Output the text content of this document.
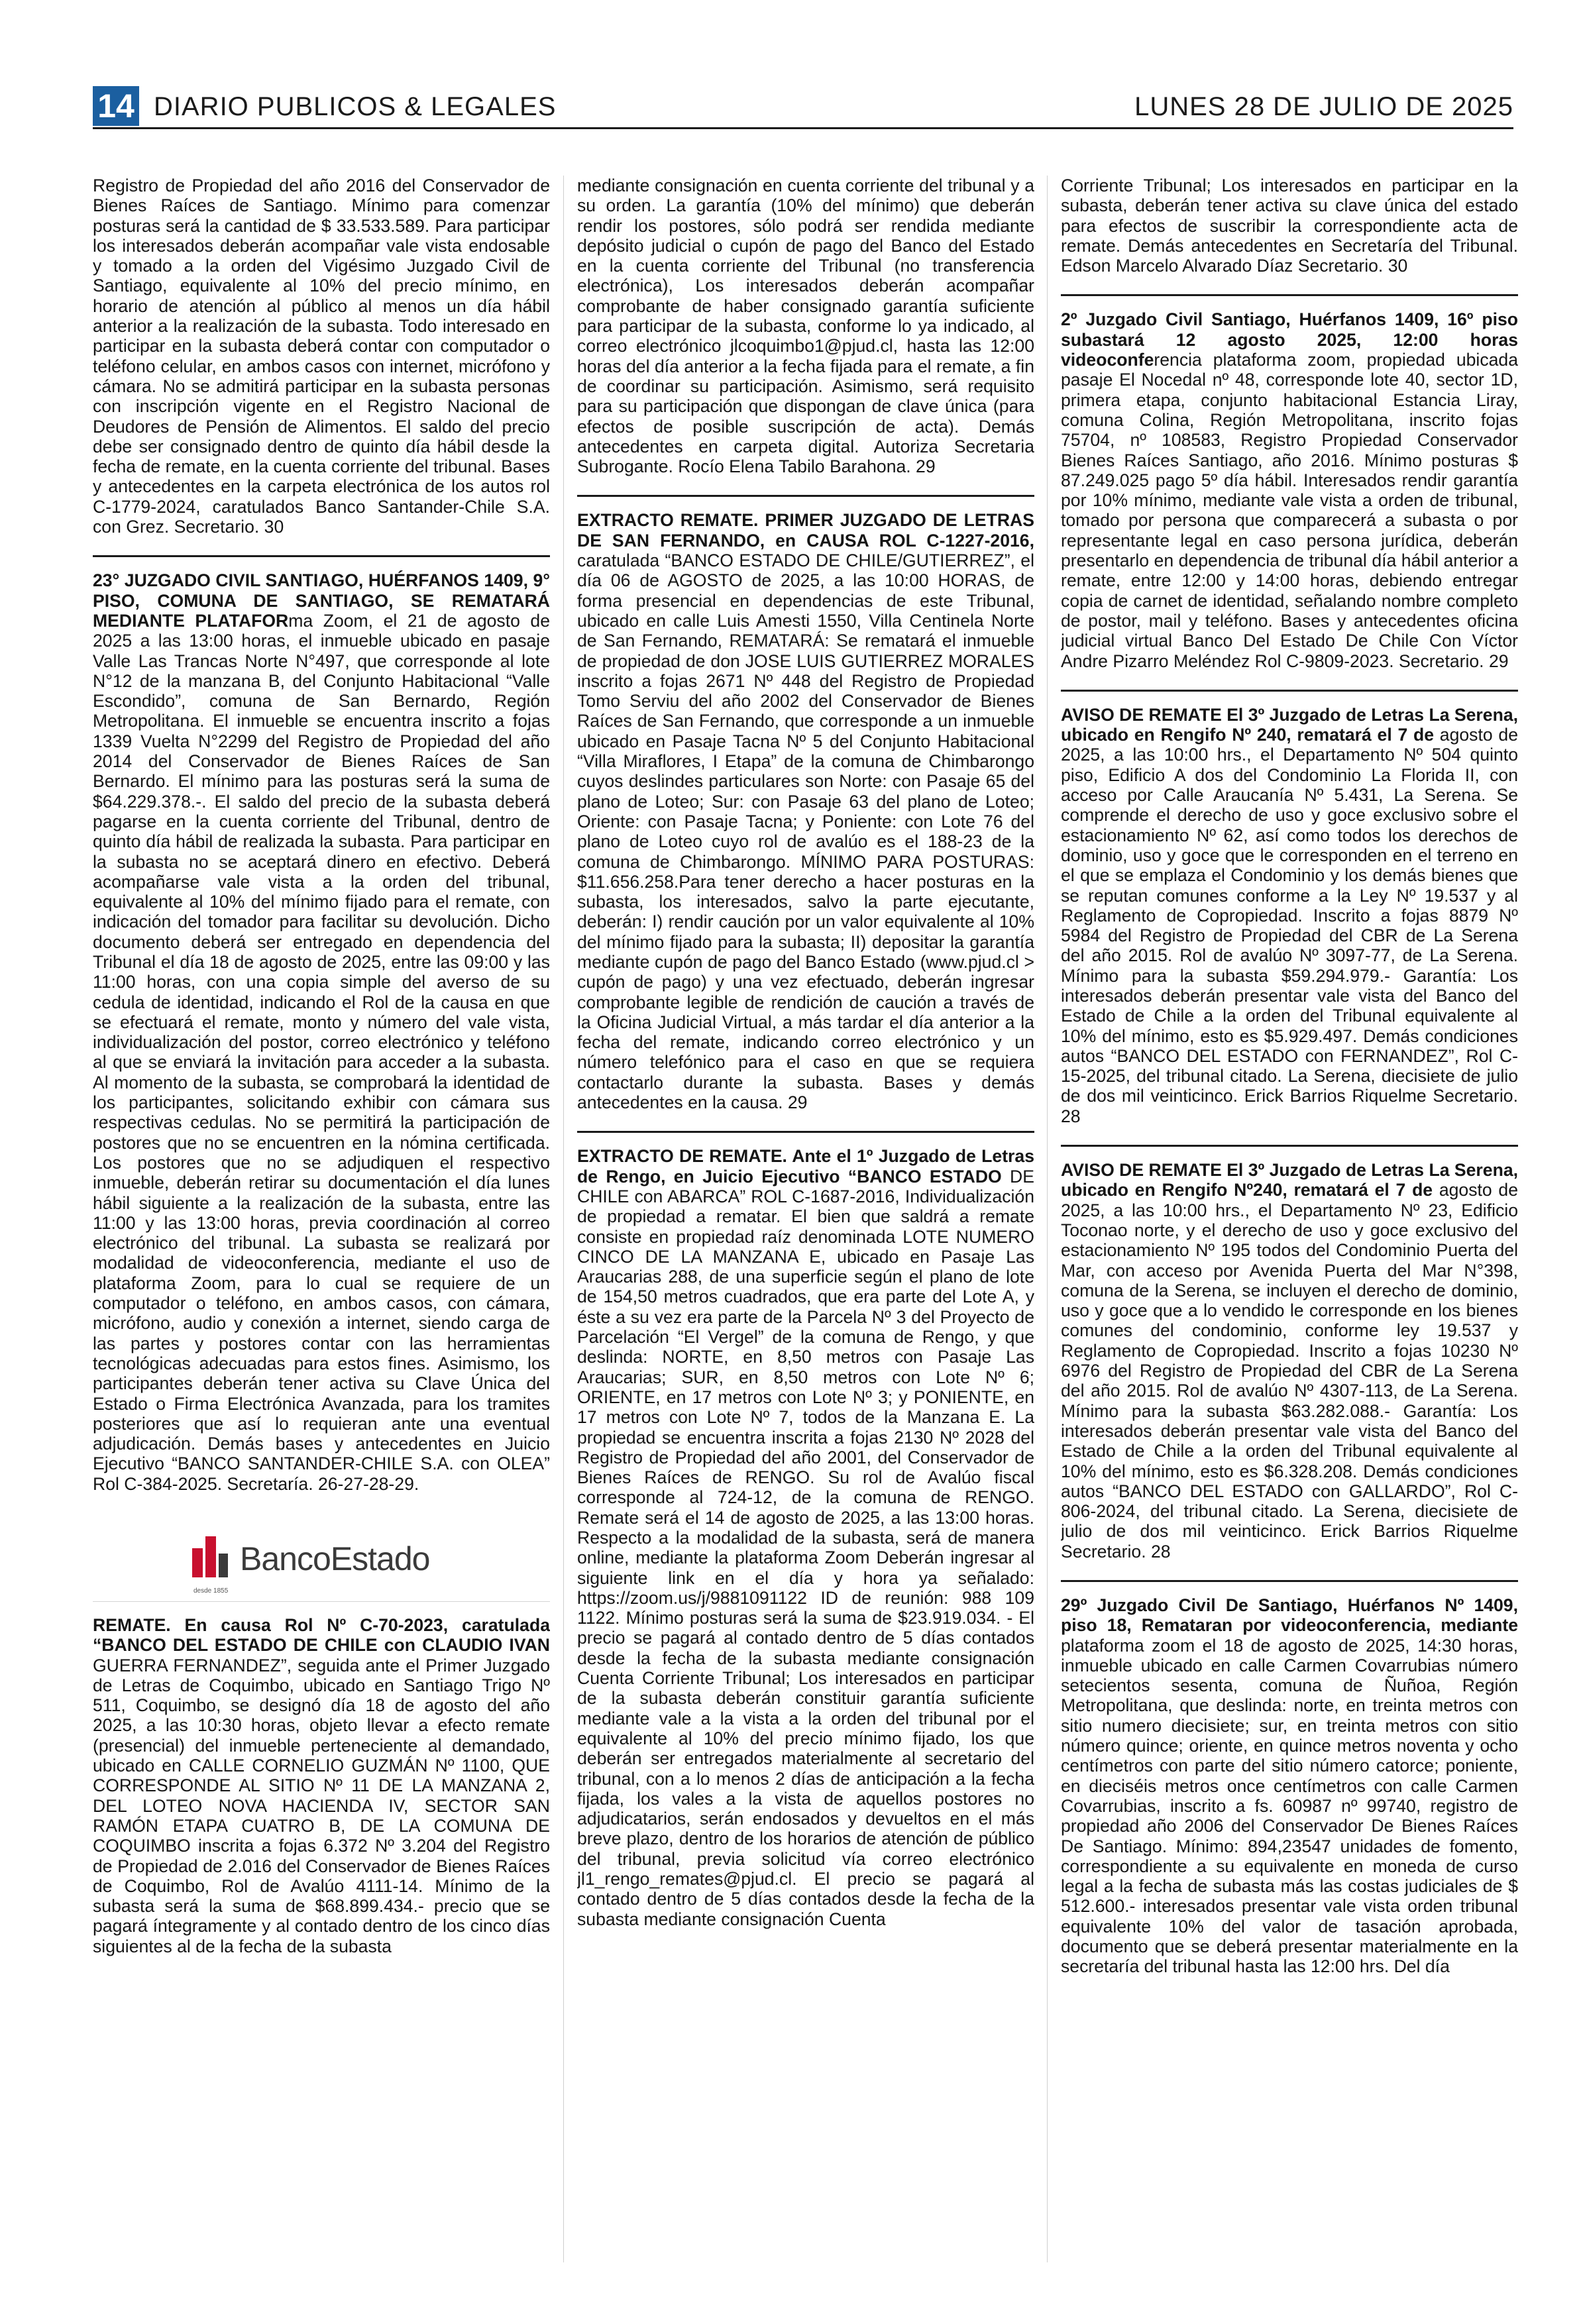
14 DIARIO PUBLICOS & LEGALES	LUNES 28 DE JULIO DE 2025

Registro de Propiedad del año 2016 del Conservador de Bienes Raíces de Santiago. Mínimo para comenzar posturas será la cantidad de $ 33.533.589. Para participar los interesados deberán acompañar vale vista endosable y tomado a la orden del Vigésimo Juzgado Civil de Santiago, equivalente al 10% del precio mínimo, en horario de atención al público al menos un día hábil anterior a la realización de la subasta. Todo interesado en participar en la subasta deberá contar con computador o teléfono celular, en ambos casos con internet, micrófono y cámara. No se admitirá participar en la subasta personas con inscripción vigente en el Registro Nacional de Deudores de Pensión de Alimentos. El saldo del precio debe ser consignado dentro de quinto día hábil desde la fecha de remate, en la cuenta corriente del tribunal. Bases y antecedentes en la carpeta electrónica de los autos rol C-1779-2024, caratulados Banco Santander-Chile S.A. con Grez. Secretario. 30

23° JUZGADO CIVIL SANTIAGO, HUÉRFANOS 1409, 9° PISO, COMUNA DE SANTIAGO, SE REMATARÁ MEDIANTE PLATAFORma Zoom, el 21 de agosto de 2025 a las 13:00 horas, el inmueble ubicado en pasaje Valle Las Trancas Norte N°497, que corresponde al lote N°12 de la manzana B, del Conjunto Habitacional “Valle Escondido”, comuna de San Bernardo, Región Metropolitana. El inmueble se encuentra inscrito a fojas 1339 Vuelta N°2299 del Registro de Propiedad del año 2014 del Conservador de Bienes Raíces de San Bernardo. El mínimo para las posturas será la suma de $64.229.378.-. El saldo del precio de la subasta deberá pagarse en la cuenta corriente del Tribunal, dentro de quinto día hábil de realizada la subasta. Para participar en la subasta no se aceptará dinero en efectivo. Deberá acompañarse vale vista a la orden del tribunal, equivalente al 10% del mínimo fijado para el remate, con indicación del tomador para facilitar su devolución. Dicho documento deberá ser entregado en dependencia del Tribunal el día 18 de agosto de 2025, entre las 09:00 y las 11:00 horas, con una copia simple del averso de su cedula de identidad, indicando el Rol de la causa en que se efectuará el remate, monto y número del vale vista, individualización del postor, correo electrónico y teléfono al que se enviará la invitación para acceder a la subasta. Al momento de la subasta, se comprobará la identidad de los participantes, solicitando exhibir con cámara sus respectivas cedulas. No se permitirá la participación de postores que no se encuentren en la nómina certificada. Los postores que no se adjudiquen el respectivo inmueble, deberán retirar su documentación el día lunes hábil siguiente a la realización de la subasta, entre las 11:00 y las 13:00 horas, previa coordinación al correo electrónico del tribunal. La subasta se realizará por modalidad de videoconferencia, mediante el uso de plataforma Zoom, para lo cual se requiere de un computador o teléfono, en ambos casos, con cámara, micrófono, audio y conexión a internet, siendo carga de las partes y postores contar con las herramientas tecnológicas adecuadas para estos fines. Asimismo, los participantes deberán tener activa su Clave Única del Estado o Firma Electrónica Avanzada, para los tramites posteriores que así lo requieran ante una eventual adjudicación. Demás bases y antecedentes en Juicio Ejecutivo “BANCO SANTANDER-CHILE S.A. con OLEA” Rol C-384-2025. Secretaría. 26-27-28-29.

BancoEstado
desde 1855

REMATE. En causa Rol Nº C-70-2023, caratulada “BANCO DEL ESTADO DE CHILE con CLAUDIO IVAN GUERRA FERNANDEZ”, seguida ante el Primer Juzgado de Letras de Coquimbo, ubicado en Santiago Trigo Nº 511, Coquimbo, se designó día 18 de agosto del año 2025, a las 10:30 horas, objeto llevar a efecto remate (presencial) del inmueble perteneciente al demandado, ubicado en CALLE CORNELIO GUZMÁN Nº 1100, QUE CORRESPONDE AL SITIO Nº 11 DE LA MANZANA 2, DEL LOTEO NOVA HACIENDA IV, SECTOR SAN RAMÓN ETAPA CUATRO B, DE LA COMUNA DE COQUIMBO inscrita a fojas 6.372 Nº 3.204 del Registro de Propiedad de 2.016 del Conservador de Bienes Raíces de Coquimbo, Rol de Avalúo 4111-14. Mínimo de la subasta será la suma de $68.899.434.- precio que se pagará íntegramente y al contado dentro de los cinco días siguientes al de la fecha de la subasta

mediante consignación en cuenta corriente del tribunal y a su orden. La garantía (10% del mínimo) que deberán rendir los postores, sólo podrá ser rendida mediante depósito judicial o cupón de pago del Banco del Estado en la cuenta corriente del Tribunal (no transferencia electrónica), Los interesados deberán acompañar comprobante de haber consignado garantía suficiente para participar de la subasta, conforme lo ya indicado, al correo electrónico jlcoquimbo1@pjud.cl, hasta las 12:00 horas del día anterior a la fecha fijada para el remate, a fin de coordinar su participación. Asimismo, será requisito para su participación que dispongan de clave única (para efectos de posible suscripción de acta). Demás antecedentes en carpeta digital. Autoriza Secretaria Subrogante. Rocío Elena Tabilo Barahona. 29

EXTRACTO REMATE. PRIMER JUZGADO DE LETRAS DE SAN FERNANDO, en CAUSA ROL C-1227-2016, caratulada “BANCO ESTADO DE CHILE/GUTIERREZ”, el día 06 de AGOSTO de 2025, a las 10:00 HORAS, de forma presencial en dependencias de este Tribunal, ubicado en calle Luis Amesti 1550, Villa Centinela Norte de San Fernando, REMATARÁ: Se rematará el inmueble de propiedad de don JOSE LUIS GUTIERREZ MORALES inscrito a fojas 2671 Nº 448 del Registro de Propiedad Tomo Serviu del año 2002 del Conservador de Bienes Raíces de San Fernando, que corresponde a un inmueble ubicado en Pasaje Tacna Nº 5 del Conjunto Habitacional “Villa Miraflores, I Etapa” de la comuna de Chimbarongo cuyos deslindes particulares son Norte: con Pasaje 65 del plano de Loteo; Sur: con Pasaje 63 del plano de Loteo; Oriente: con Pasaje Tacna; y Poniente: con Lote 76 del plano de Loteo cuyo rol de avalúo es el 188-23 de la comuna de Chimbarongo. MÍNIMO PARA POSTURAS: $11.656.258.Para tener derecho a hacer posturas en la subasta, los interesados, salvo la parte ejecutante, deberán: I) rendir caución por un valor equivalente al 10% del mínimo fijado para la subasta; II) depositar la garantía mediante cupón de pago del Banco Estado (www.pjud.cl > cupón de pago) y una vez efectuado, deberán ingresar comprobante legible de rendición de caución a través de la Oficina Judicial Virtual, a más tardar el día anterior a la fecha del remate, indicando correo electrónico y un número telefónico para el caso en que se requiera contactarlo durante la subasta. Bases y demás antecedentes en la causa. 29

EXTRACTO DE REMATE. Ante el 1º Juzgado de Letras de Rengo, en Juicio Ejecutivo “BANCO ESTADO DE CHILE con ABARCA” ROL C-1687-2016, Individualización de propiedad a rematar. El bien que saldrá a remate consiste en propiedad raíz denominada LOTE NUMERO CINCO DE LA MANZANA E, ubicado en Pasaje Las Araucarias 288, de una superficie según el plano de lote de 154,50 metros cuadrados, que era parte del Lote A, y éste a su vez era parte de la Parcela Nº 3 del Proyecto de Parcelación “El Vergel” de la comuna de Rengo, y que deslinda: NORTE, en 8,50 metros con Pasaje Las Araucarias; SUR, en 8,50 metros con Lote Nº 6; ORIENTE, en 17 metros con Lote Nº 3; y PONIENTE, en 17 metros con Lote Nº 7, todos de la Manzana E. La propiedad se encuentra inscrita a fojas 2130 Nº 2028 del Registro de Propiedad del año 2001, del Conservador de Bienes Raíces de RENGO. Su rol de Avalúo fiscal corresponde al 724-12, de la comuna de RENGO. Remate será el 14 de agosto de 2025, a las 13:00 horas. Respecto a la modalidad de la subasta, será de manera online, mediante la plataforma Zoom Deberán ingresar al siguiente link en el día y hora ya señalado: https://zoom.us/j/9881091122 ID de reunión: 988 109 1122. Mínimo posturas será la suma de $23.919.034. - El precio se pagará al contado dentro de 5 días contados desde la fecha de la subasta mediante consignación Cuenta Corriente Tribunal; Los interesados en participar de la subasta deberán constituir garantía suficiente mediante vale a la vista a la orden del tribunal por el equivalente al 10% del precio mínimo fijado, los que deberán ser entregados materialmente al secretario del tribunal, con a lo menos 2 días de anticipación a la fecha fijada, los vales a la vista de aquellos postores no adjudicatarios, serán endosados y devueltos en el más breve plazo, dentro de los horarios de atención de público del tribunal, previa solicitud vía correo electrónico jl1_rengo_remates@pjud.cl. El precio se pagará al contado dentro de 5 días contados desde la fecha de la subasta mediante consignación Cuenta

Corriente Tribunal; Los interesados en participar en la subasta, deberán tener activa su clave única del estado para efectos de suscribir la correspondiente acta de remate. Demás antecedentes en Secretaría del Tribunal. Edson Marcelo Alvarado Díaz Secretario. 30

2º Juzgado Civil Santiago, Huérfanos 1409, 16º piso subastará 12 agosto 2025, 12:00 horas videoconferencia plataforma zoom, propiedad ubicada pasaje El Nocedal nº 48, corresponde lote 40, sector 1D, primera etapa, conjunto habitacional Estancia Liray, comuna Colina, Región Metropolitana, inscrito fojas 75704, nº 108583, Registro Propiedad Conservador Bienes Raíces Santiago, año 2016. Mínimo posturas $ 87.249.025 pago 5º día hábil. Interesados rendir garantía por 10% mínimo, mediante vale vista a orden de tribunal, tomado por persona que comparecerá a subasta o por representante legal en caso persona jurídica, deberán presentarlo en dependencia de tribunal día hábil anterior a remate, entre 12:00 y 14:00 horas, debiendo entregar copia de carnet de identidad, señalando nombre completo de postor, mail y teléfono. Bases y antecedentes oficina judicial virtual Banco Del Estado De Chile Con Víctor Andre Pizarro Meléndez Rol C-9809-2023. Secretario. 29

AVISO DE REMATE El 3º Juzgado de Letras La Serena, ubicado en Rengifo Nº 240, rematará el 7 de agosto de 2025, a las 10:00 hrs., el Departamento Nº 504 quinto piso, Edificio A dos del Condominio La Florida II, con acceso por Calle Araucanía Nº 5.431, La Serena. Se comprende el derecho de uso y goce exclusivo sobre el estacionamiento Nº 62, así como todos los derechos de dominio, uso y goce que le corresponden en el terreno en el que se emplaza el Condominio y los demás bienes que se reputan comunes conforme a la Ley Nº 19.537 y al Reglamento de Copropiedad. Inscrito a fojas 8879 Nº 5984 del Registro de Propiedad del CBR de La Serena del año 2015. Rol de avalúo Nº 3097-77, de La Serena. Mínimo para la subasta $59.294.979.- Garantía: Los interesados deberán presentar vale vista del Banco del Estado de Chile a la orden del Tribunal equivalente al 10% del mínimo, esto es $5.929.497. Demás condiciones autos “BANCO DEL ESTADO con FERNANDEZ”, Rol C-15-2025, del tribunal citado. La Serena, diecisiete de julio de dos mil veinticinco. Erick Barrios Riquelme Secretario. 28

AVISO DE REMATE El 3º Juzgado de Letras La Serena, ubicado en Rengifo Nº240, rematará el 7 de agosto de 2025, a las 10:00 hrs., el Departamento Nº 23, Edificio Toconao norte, y el derecho de uso y goce exclusivo del estacionamiento Nº 195 todos del Condominio Puerta del Mar, con acceso por Avenida Puerta del Mar N°398, comuna de la Serena, se incluyen el derecho de dominio, uso y goce que a lo vendido le corresponde en los bienes comunes del condominio, conforme ley 19.537 y Reglamento de Copropiedad. Inscrito a fojas 10230 Nº 6976 del Registro de Propiedad del CBR de La Serena del año 2015. Rol de avalúo Nº 4307-113, de La Serena. Mínimo para la subasta $63.282.088.- Garantía: Los interesados deberán presentar vale vista del Banco del Estado de Chile a la orden del Tribunal equivalente al 10% del mínimo, esto es $6.328.208. Demás condiciones autos “BANCO DEL ESTADO con GALLARDO”, Rol C-806-2024, del tribunal citado. La Serena, diecisiete de julio de dos mil veinticinco. Erick Barrios Riquelme Secretario. 28

29º Juzgado Civil De Santiago, Huérfanos Nº 1409, piso 18, Remataran por videoconferencia, mediante plataforma zoom el 18 de agosto de 2025, 14:30 horas, inmueble ubicado en calle Carmen Covarrubias número setecientos sesenta, comuna de Ñuñoa, Región Metropolitana, que deslinda: norte, en treinta metros con sitio numero diecisiete; sur, en treinta metros con sitio número quince; oriente, en quince metros noventa y ocho centímetros con parte del sitio número catorce; poniente, en dieciséis metros once centímetros con calle Carmen Covarrubias, inscrito a fs. 60987 nº 99740, registro de propiedad año 2006 del Conservador De Bienes Raíces De Santiago. Mínimo: 894,23547 unidades de fomento, correspondiente a su equivalente en moneda de curso legal a la fecha de subasta más las costas judiciales de $ 512.600.- interesados presentar vale vista orden tribunal equivalente 10% del valor de tasación aprobada, documento que se deberá presentar materialmente en la secretaría del tribunal hasta las 12:00 hrs. Del día
